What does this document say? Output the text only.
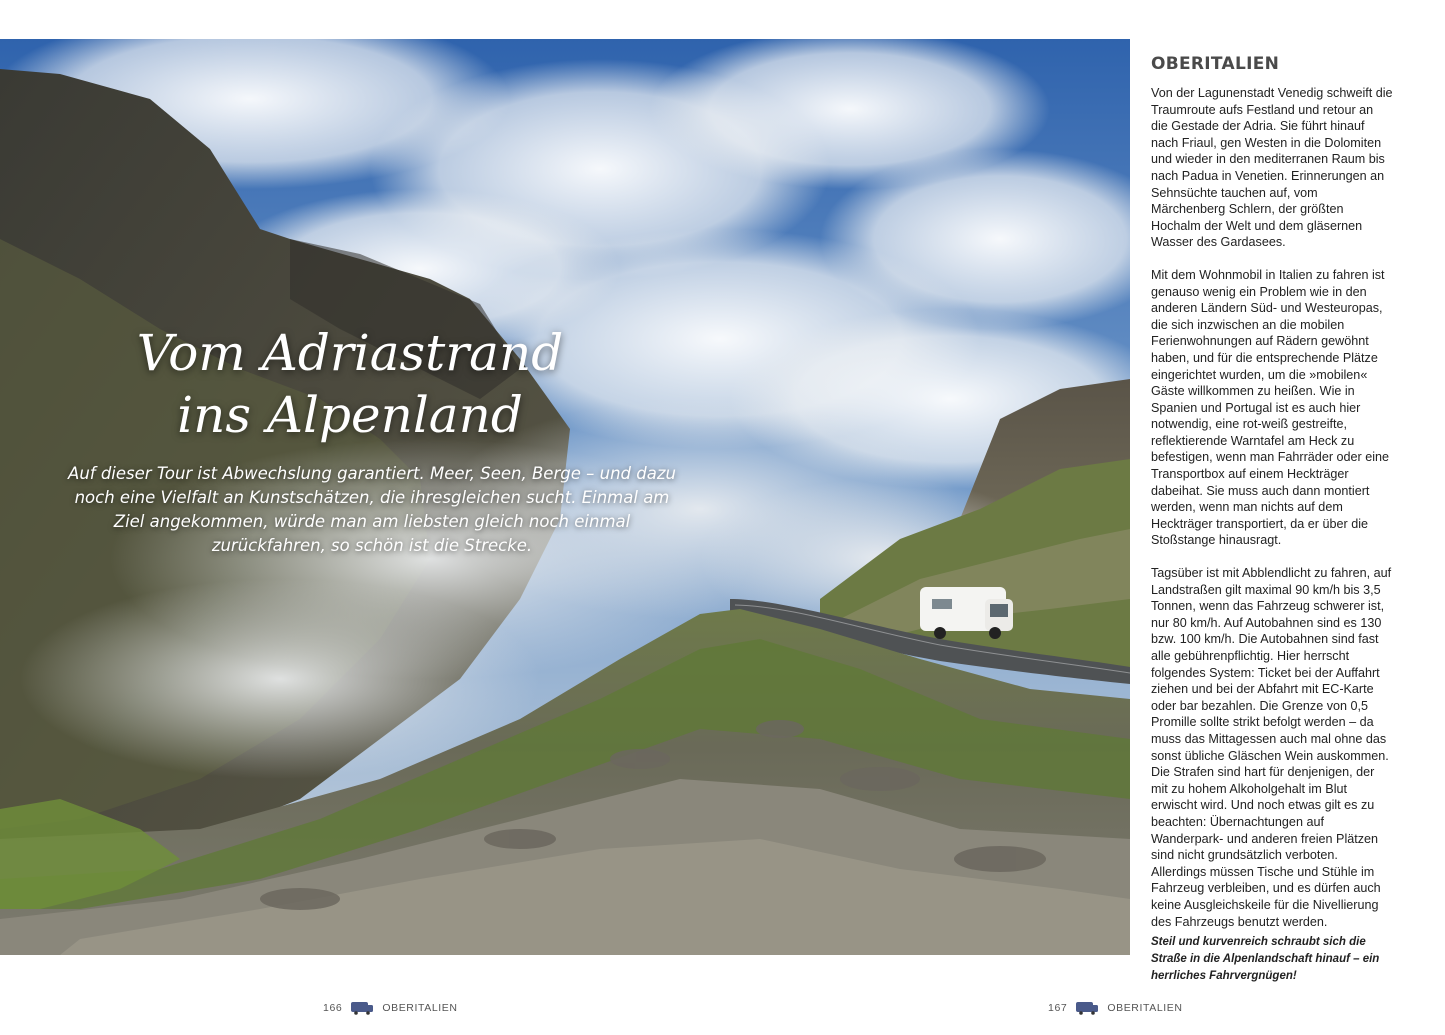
Vom Adriastrand
ins Alpenland

Auf dieser Tour ist Abwechslung garantiert. Meer, Seen, Berge – und dazu noch eine Vielfalt an Kunstschätzen, die ihresgleichen sucht. Einmal am Ziel angekommen, würde man am liebsten gleich noch einmal zurückfahren, so schön ist die Strecke.

OBERITALIEN

Von der Lagunenstadt Venedig schweift die Traumroute aufs Festland und retour an die Gestade der Adria. Sie führt hinauf nach Friaul, gen Westen in die Dolomiten und wieder in den mediterranen Raum bis nach Padua in Venetien. Erinnerungen an Sehnsüchte tauchen auf, vom Märchenberg Schlern, der größten Hochalm der Welt und dem gläsernen Wasser des Gardasees.

Mit dem Wohnmobil in Italien zu fahren ist genauso wenig ein Problem wie in den anderen Ländern Süd- und Westeuropas, die sich inzwischen an die mobilen Ferienwohnungen auf Rädern gewöhnt haben, und für die entsprechende Plätze eingerichtet wurden, um die »mobilen« Gäste willkommen zu heißen. Wie in Spanien und Portugal ist es auch hier notwendig, eine rot-weiß gestreifte, reflektierende Warntafel am Heck zu befestigen, wenn man Fahrräder oder eine Transportbox auf einem Heckträger dabeihat. Sie muss auch dann montiert werden, wenn man nichts auf dem Heckträger transportiert, da er über die Stoßstange hinausragt.

Tagsüber ist mit Abblendlicht zu fahren, auf Landstraßen gilt maximal 90 km/h bis 3,5 Tonnen, wenn das Fahrzeug schwerer ist, nur 80 km/h. Auf Autobahnen sind es 130 bzw. 100 km/h. Die Autobahnen sind fast alle gebührenpflichtig. Hier herrscht folgendes System: Ticket bei der Auffahrt ziehen und bei der Abfahrt mit EC-Karte oder bar bezahlen. Die Grenze von 0,5 Promille sollte strikt befolgt werden – da muss das Mittagessen auch mal ohne das sonst übliche Gläschen Wein auskommen. Die Strafen sind hart für denjenigen, der mit zu hohem Alkoholgehalt im Blut erwischt wird. Und noch etwas gilt es zu beachten: Übernachtungen auf Wanderpark- und anderen freien Plätzen sind nicht grundsätzlich verboten. Allerdings müssen Tische und Stühle im Fahrzeug verbleiben, und es dürfen auch keine Ausgleichskeile für die Nivellierung des Fahrzeugs benutzt werden.

Steil und kurvenreich schraubt sich die Straße in die Alpenlandschaft hinauf – ein herrliches Fahrvergnügen!

166	OBERITALIEN	167	OBERITALIEN
